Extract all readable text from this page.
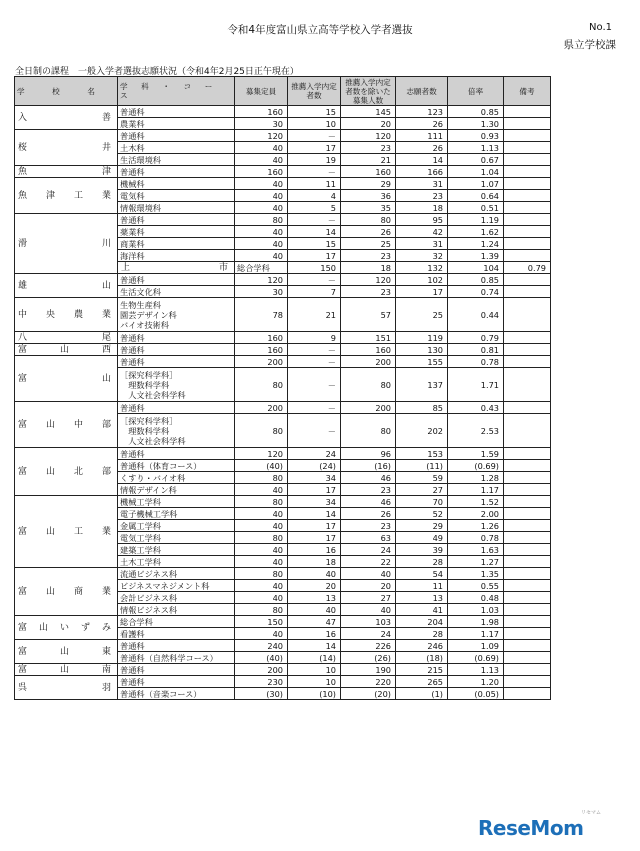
令和4年度富山県立高等学校入学者選抜	No.1
県立学校課
全日制の課程　一般入学者選抜志願状況（令和4年2月25日正午現在）
学　校　名	学　科　・　コ　ー　ス	募集定員	推薦入学内定者数	推薦入学内定者数を除いた募集人数	志願者数	倍率	備考	
入善	普通科	160	15	145	123	0.85		
	農業科	30	10	20	26	1.30		
桜井	普通科	120	－	120	111	0.93		
	土木科	40	17	23	26	1.13		
	生活環境科	40	19	21	14	0.67		
魚津	普通科	160	－	160	166	1.04		
魚津工業	機械科	40	11	29	31	1.07		
	電気科	40	4	36	23	0.64		
	情報環境科	40	5	35	18	0.51		
滑川	普通科	80	－	80	95	1.19		
	薬業科	40	14	26	42	1.62		
	商業科	40	15	25	31	1.24		
	海洋科	40	17	23	32	1.39		
	上市	総合学科	150	18	132	104	0.79	
雄山	普通科	120	－	120	102	0.85		
	生活文化科	30	7	23	17	0.74		
中央農業	生物生産科
園芸デザイン科
バイオ技術科	78	21	57	25	0.44		
八尾	普通科	160	9	151	119	0.79		
富山西	普通科	160	－	160	130	0.81		
富山	普通科	200	－	200	155	0.78		

	［探究科学科］
　理数科学科
　人文社会科学科	80	－	80	137	1.71		
富山中部	普通科	200	－	200	85	0.43		

	［探究科学科］
　理数科学科
　人文社会科学科	80	－	80	202	2.53		
富山北部	普通科	120	24	96	153	1.59		
	普通科（体育コース）	(40)	(24)	(16)	(11)	(0.69)		
	くすり・バイオ科	80	34	46	59	1.28		
	情報デザイン科	40	17	23	27	1.17		
富山工業	機械工学科	80	34	46	70	1.52		
	電子機械工学科	40	14	26	52	2.00		
	金属工学科	40	17	23	29	1.26		
	電気工学科	80	17	63	49	0.78		
	建築工学科	40	16	24	39	1.63		
	土木工学科	40	18	22	28	1.27		
富山商業	流通ビジネス科	80	40	40	54	1.35		
	ビジネスマネジメント科	40	20	20	11	0.55		
	会計ビジネス科	40	13	27	13	0.48		
	情報ビジネス科	80	40	40	41	1.03		
富山いずみ	総合学科	150	47	103	204	1.98		
	看護科	40	16	24	28	1.17		
富山東	普通科	240	14	226	246	1.09		
	普通科（自然科学コース）	(40)	(14)	(26)	(18)	(0.69)		
富山南	普通科	200	10	190	215	1.13		
呉羽	普通科	230	10	220	265	1.20		
	普通科（音楽コース）	(30)	(10)	(20)	(1)	(0.05)		
リセマム
ReseMom
